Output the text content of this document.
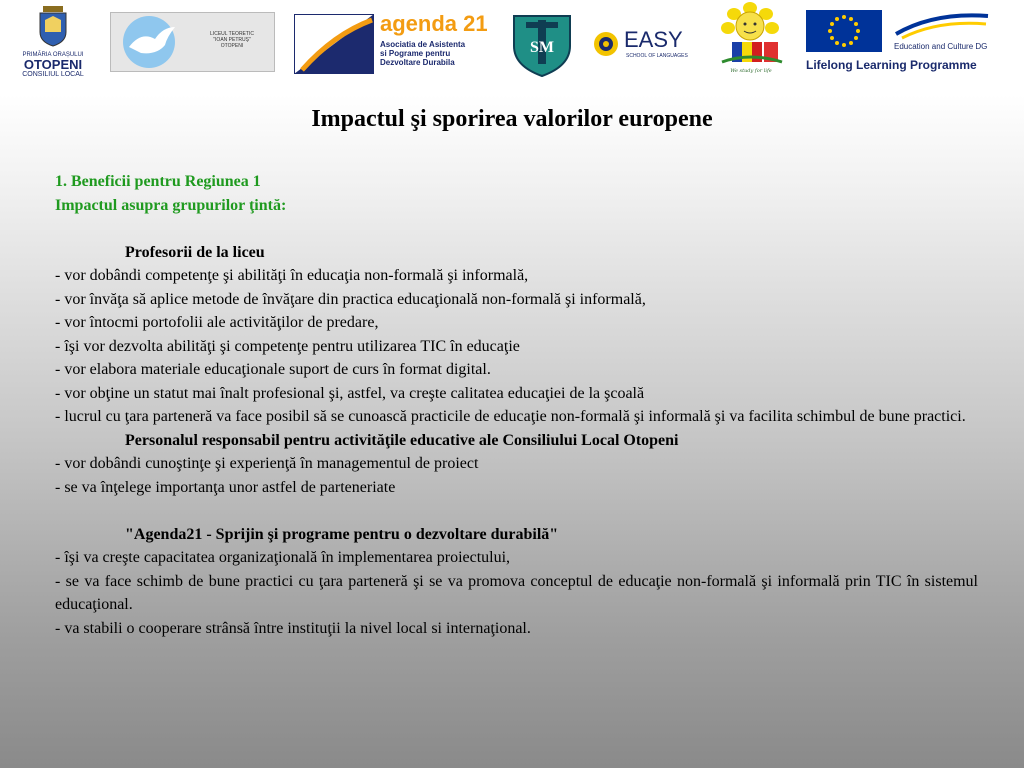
PRIMĂRIA ORAȘULUI
OTOPENI
CONSILIUL LOCAL
LICEUL TEORETIC
"IOAN PETRUŞ"
OTOPENI
agenda 21
Asociatia de Asistenta
si Pograme pentru
Dezvoltare Durabila
SM	EASY
SCHOOL OF LANGUAGES
We study for life
Education and Culture DG
Lifelong Learning Programme
Impactul şi sporirea valorilor europene

1. Beneficii pentru Regiunea 1

Impactul asupra grupurilor ţintă:

Profesorii de la liceu

- vor dobândi competenţe şi abilităţi în educaţia non-formală şi informală,

- vor învăţa să aplice metode de învăţare din practica educaţională non-formală şi informală,

- vor întocmi portofolii ale activităţilor de predare,

- îşi vor dezvolta abilităţi şi competenţe pentru utilizarea TIC în educaţie

- vor elabora materiale educaţionale suport de curs în format digital.

- vor obţine un statut mai înalt profesional şi, astfel, va creşte calitatea educaţiei de la şcoală

- lucrul cu ţara parteneră va face posibil să se cunoască practicile de educaţie non-formală şi informală şi va facilita schimbul de bune practici.

Personalul responsabil pentru activităţile educative ale Consiliului Local Otopeni

- vor dobândi cunoştinţe şi experienţă în managementul de proiect

- se va înţelege importanţa unor astfel de parteneriate

"Agenda21 - Sprijin şi programe pentru o dezvoltare durabilă"

- îşi va creşte capacitatea organizaţională în implementarea proiectului,

- se va face schimb de bune practici cu ţara parteneră şi se va promova conceptul de educaţie non-formală şi informală prin TIC în sistemul educaţional.

- va stabili o cooperare strânsă între instituţii la nivel local si internaţional.
